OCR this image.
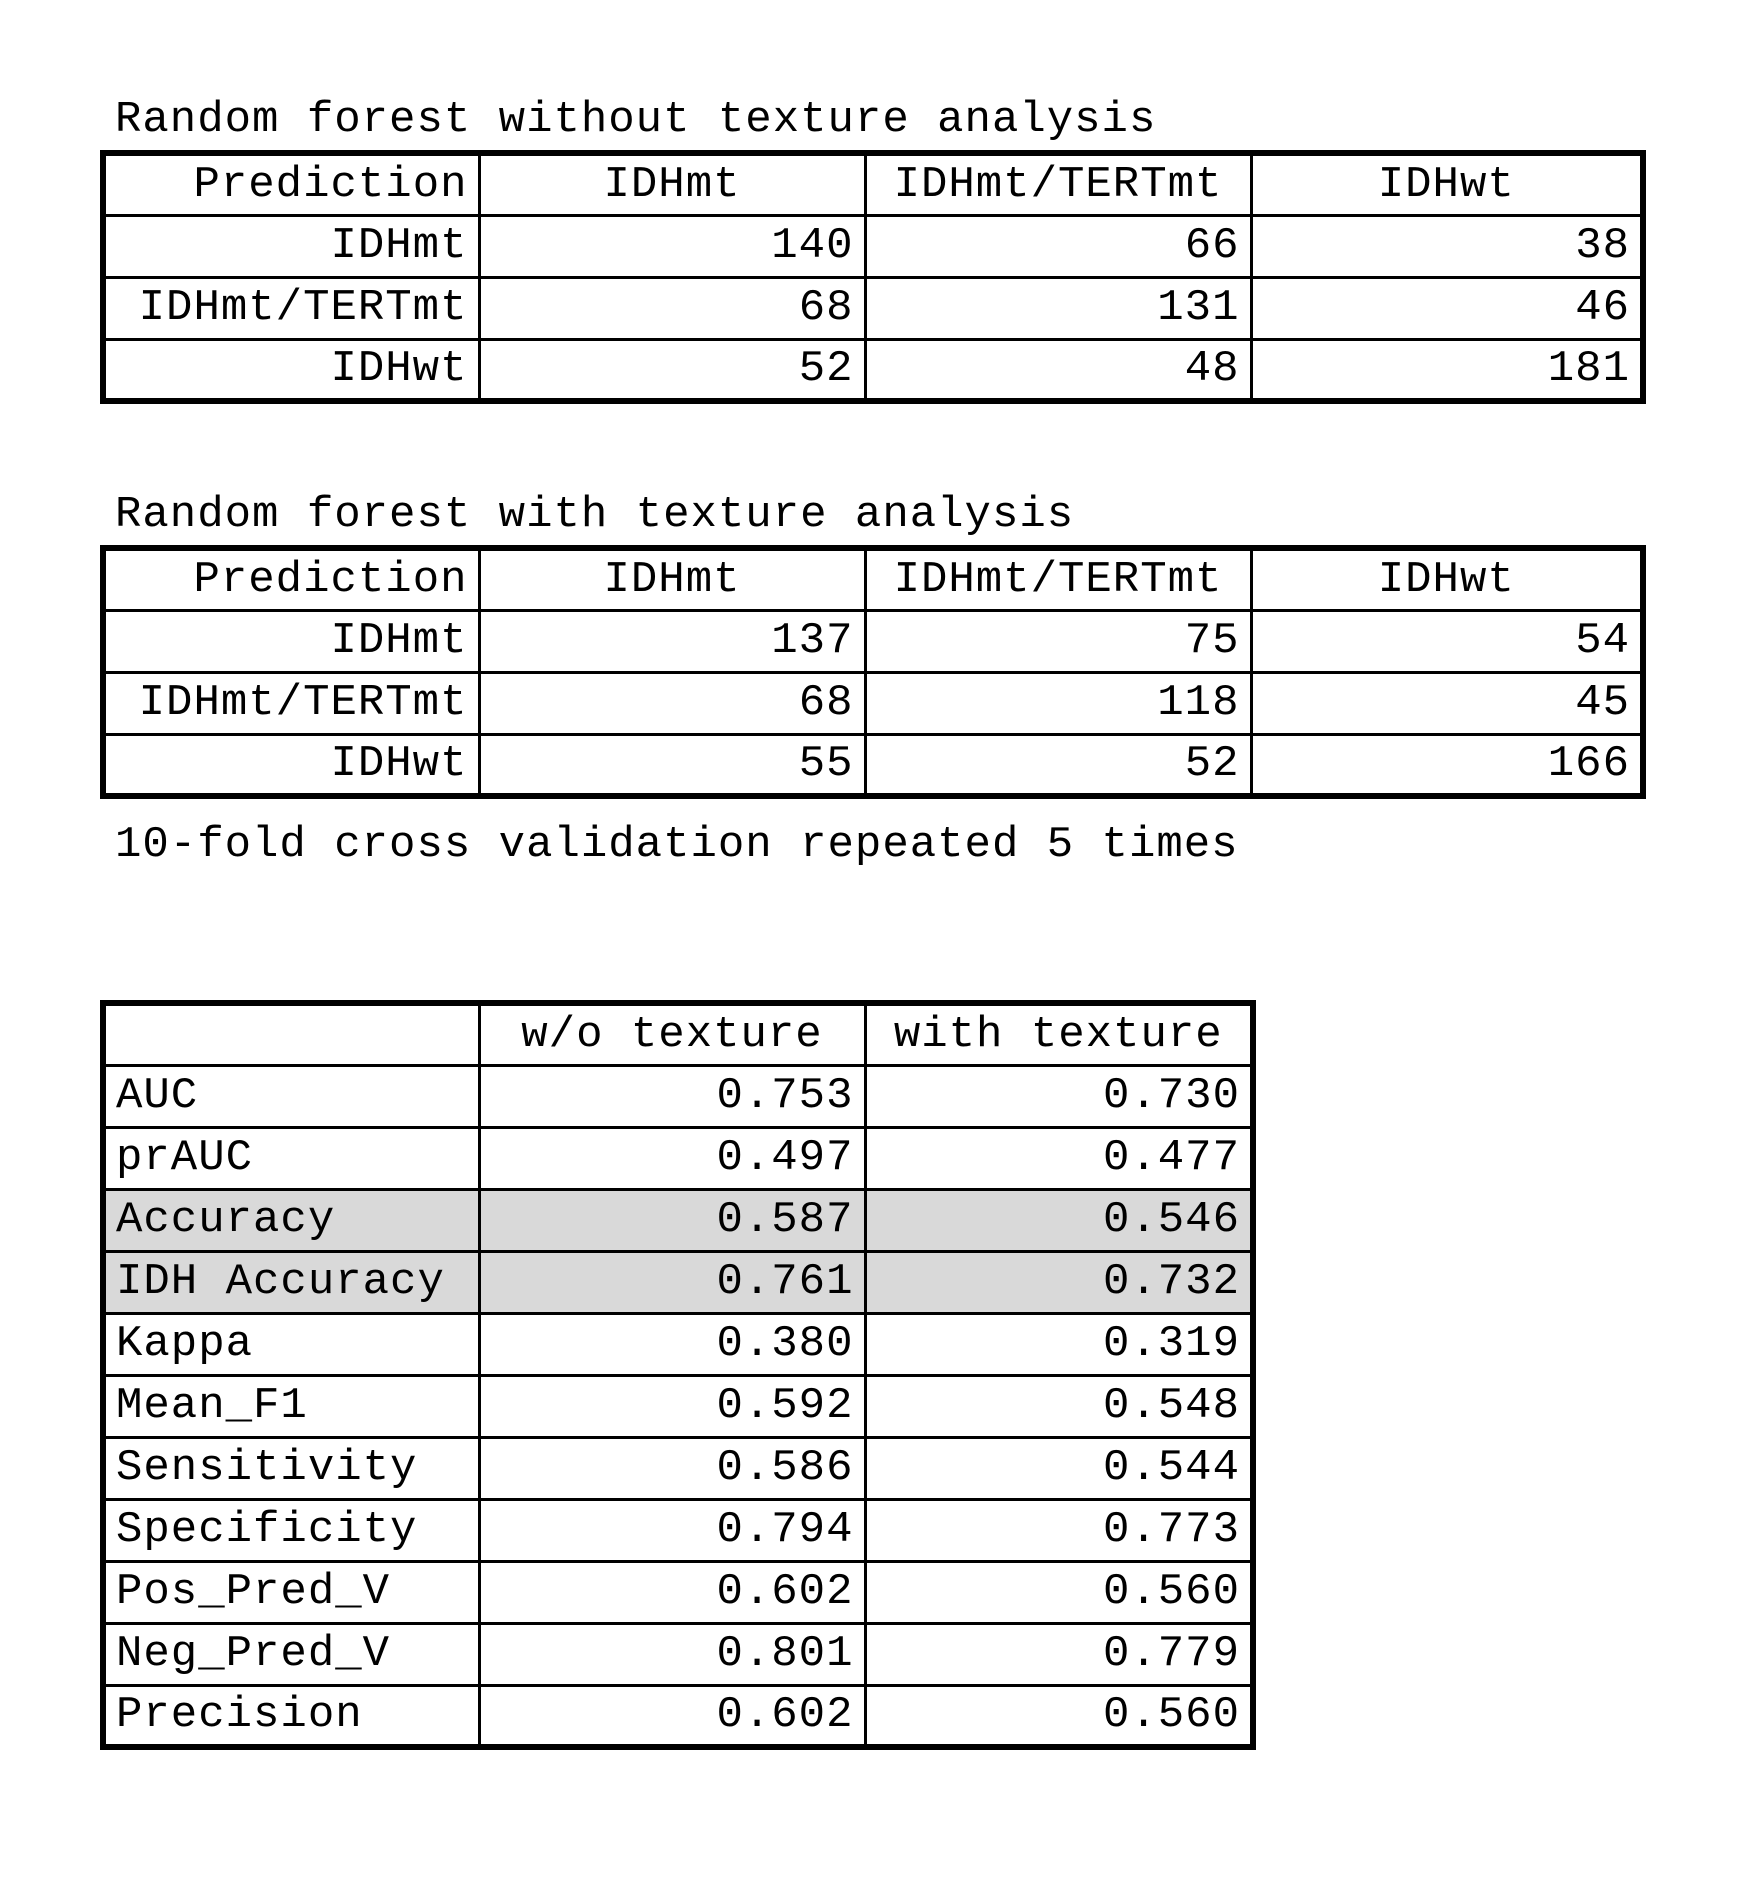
Random forest without texture analysis
Prediction	IDHmt	IDHmt/TERTmt	IDHwt
IDHmt	140	66	38
IDHmt/TERTmt	68	131	46
IDHwt	52	48	181
Random forest with texture analysis
Prediction	IDHmt	IDHmt/TERTmt	IDHwt
IDHmt	137	75	54
IDHmt/TERTmt	68	118	45
IDHwt	55	52	166
10-fold cross validation repeated 5 times
	w/o texture	with texture
AUC	0.753	0.730
prAUC	0.497	0.477
Accuracy	0.587	0.546
IDH Accuracy	0.761	0.732
Kappa	0.380	0.319
Mean_F1	0.592	0.548
Sensitivity	0.586	0.544
Specificity	0.794	0.773
Pos_Pred_V	0.602	0.560
Neg_Pred_V	0.801	0.779
Precision	0.602	0.560
